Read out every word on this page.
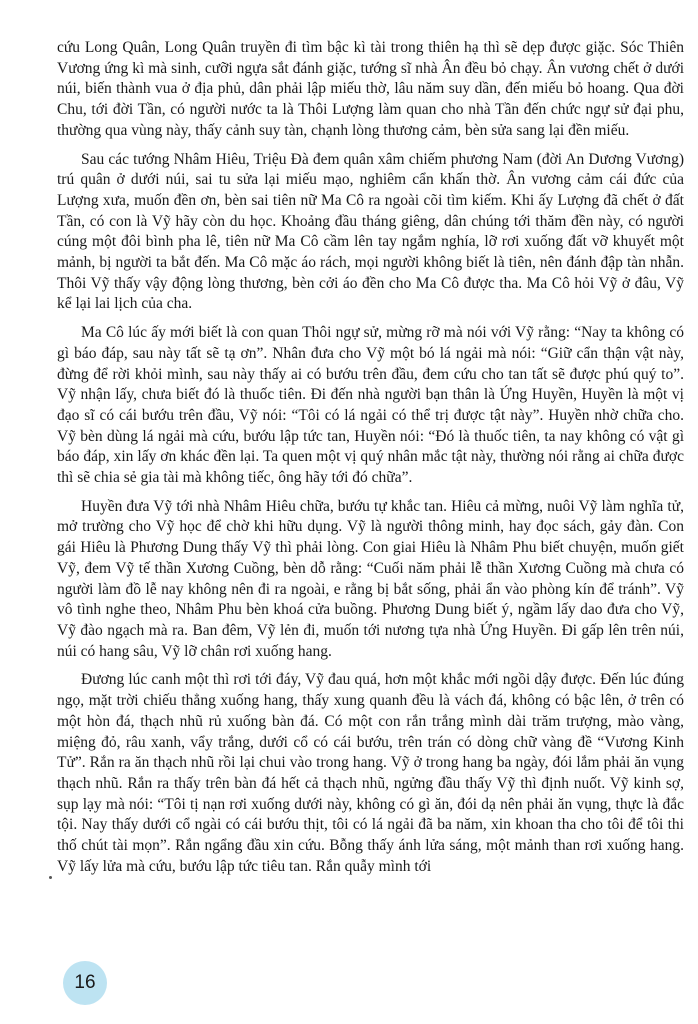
cứu Long Quân, Long Quân truyền đi tìm bậc kì tài trong thiên hạ thì sẽ dẹp được giặc. Sóc Thiên Vương ứng kì mà sinh, cưỡi ngựa sắt đánh giặc, tướng sĩ nhà Ân đều bỏ chạy. Ân vương chết ở dưới núi, biến thành vua ở địa phủ, dân phải lập miếu thờ, lâu năm suy dần, đến miếu bỏ hoang. Qua đời Chu, tới đời Tần, có người nước ta là Thôi Lượng làm quan cho nhà Tần đến chức ngự sử đại phu, thường qua vùng này, thấy cảnh suy tàn, chạnh lòng thương cảm, bèn sửa sang lại đền miếu.

Sau các tướng Nhâm Hiêu, Triệu Đà đem quân xâm chiếm phương Nam (đời An Dương Vương) trú quân ở dưới núi, sai tu sửa lại miếu mạo, nghiêm cẩn khấn thờ. Ân vương cảm cái đức của Lượng xưa, muốn đền ơn, bèn sai tiên nữ Ma Cô ra ngoài cõi tìm kiếm. Khi ấy Lượng đã chết ở đất Tần, có con là Vỹ hãy còn du học. Khoảng đầu tháng giêng, dân chúng tới thăm đền này, có người cúng một đôi bình pha lê, tiên nữ Ma Cô cầm lên tay ngắm nghía, lỡ rơi xuống đất vỡ khuyết một mảnh, bị người ta bắt đến. Ma Cô mặc áo rách, mọi người không biết là tiên, nên đánh đập tàn nhẫn. Thôi Vỹ thấy vậy động lòng thương, bèn cởi áo đền cho Ma Cô được tha. Ma Cô hỏi Vỹ ở đâu, Vỹ kể lại lai lịch của cha.

Ma Cô lúc ấy mới biết là con quan Thôi ngự sử, mừng rỡ mà nói với Vỹ rằng: “Nay ta không có gì báo đáp, sau này tất sẽ tạ ơn”. Nhân đưa cho Vỹ một bó lá ngải mà nói: “Giữ cẩn thận vật này, đừng để rời khỏi mình, sau này thấy ai có bướu trên đầu, đem cứu cho tan tất sẽ được phú quý to”. Vỹ nhận lấy, chưa biết đó là thuốc tiên. Đi đến nhà người bạn thân là Ứng Huyền, Huyền là một vị đạo sĩ có cái bướu trên đầu, Vỹ nói: “Tôi có lá ngải có thể trị được tật này”. Huyền nhờ chữa cho. Vỹ bèn dùng lá ngải mà cứu, bướu lập tức tan, Huyền nói: “Đó là thuốc tiên, ta nay không có vật gì báo đáp, xin lấy ơn khác đền lại. Ta quen một vị quý nhân mắc tật này, thường nói rằng ai chữa được thì sẽ chia sẻ gia tài mà không tiếc, ông hãy tới đó chữa”.

Huyền đưa Vỹ tới nhà Nhâm Hiêu chữa, bướu tự khắc tan. Hiêu cả mừng, nuôi Vỹ làm nghĩa tử, mở trường cho Vỹ học để chờ khi hữu dụng. Vỹ là người thông minh, hay đọc sách, gảy đàn. Con gái Hiêu là Phương Dung thấy Vỹ thì phải lòng. Con giai Hiêu là Nhâm Phu biết chuyện, muốn giết Vỹ, đem Vỹ tế thần Xương Cuồng, bèn dỗ rằng: “Cuối năm phải lễ thần Xương Cuồng mà chưa có người làm đồ lễ nay không nên đi ra ngoài, e rằng bị bắt sống, phải ẩn vào phòng kín để tránh”. Vỹ vô tình nghe theo, Nhâm Phu bèn khoá cửa buồng. Phương Dung biết ý, ngầm lấy dao đưa cho Vỹ, Vỹ đào ngạch mà ra. Ban đêm, Vỹ lẻn đi, muốn tới nương tựa nhà Ứng Huyền. Đi gấp lên trên núi, núi có hang sâu, Vỹ lỡ chân rơi xuống hang.

Đương lúc canh một thì rơi tới đáy, Vỹ đau quá, hơn một khắc mới ngồi dậy được. Đến lúc đúng ngọ, mặt trời chiếu thẳng xuống hang, thấy xung quanh đều là vách đá, không có bậc lên, ở trên có một hòn đá, thạch nhũ rủ xuống bàn đá. Có một con rắn trắng mình dài trăm trượng, mào vàng, miệng đỏ, râu xanh, vẩy trắng, dưới cổ có cái bướu, trên trán có dòng chữ vàng đề “Vương Kinh Tử”. Rắn ra ăn thạch nhũ rồi lại chui vào trong hang. Vỹ ở trong hang ba ngày, đói lắm phải ăn vụng thạch nhũ. Rắn ra thấy trên bàn đá hết cả thạch nhũ, ngửng đầu thấy Vỹ thì định nuốt. Vỹ kinh sợ, sụp lạy mà nói: “Tôi tị nạn rơi xuống dưới này, không có gì ăn, đói dạ nên phải ăn vụng, thực là đắc tội. Nay thấy dưới cổ ngài có cái bướu thịt, tôi có lá ngải đã ba năm, xin khoan tha cho tôi để tôi thi thố chút tài mọn”. Rắn ngẩng đầu xin cứu. Bỗng thấy ánh lửa sáng, một mảnh than rơi xuống hang. Vỹ lấy lửa mà cứu, bướu lập tức tiêu tan. Rắn quẫy mình tới

16
